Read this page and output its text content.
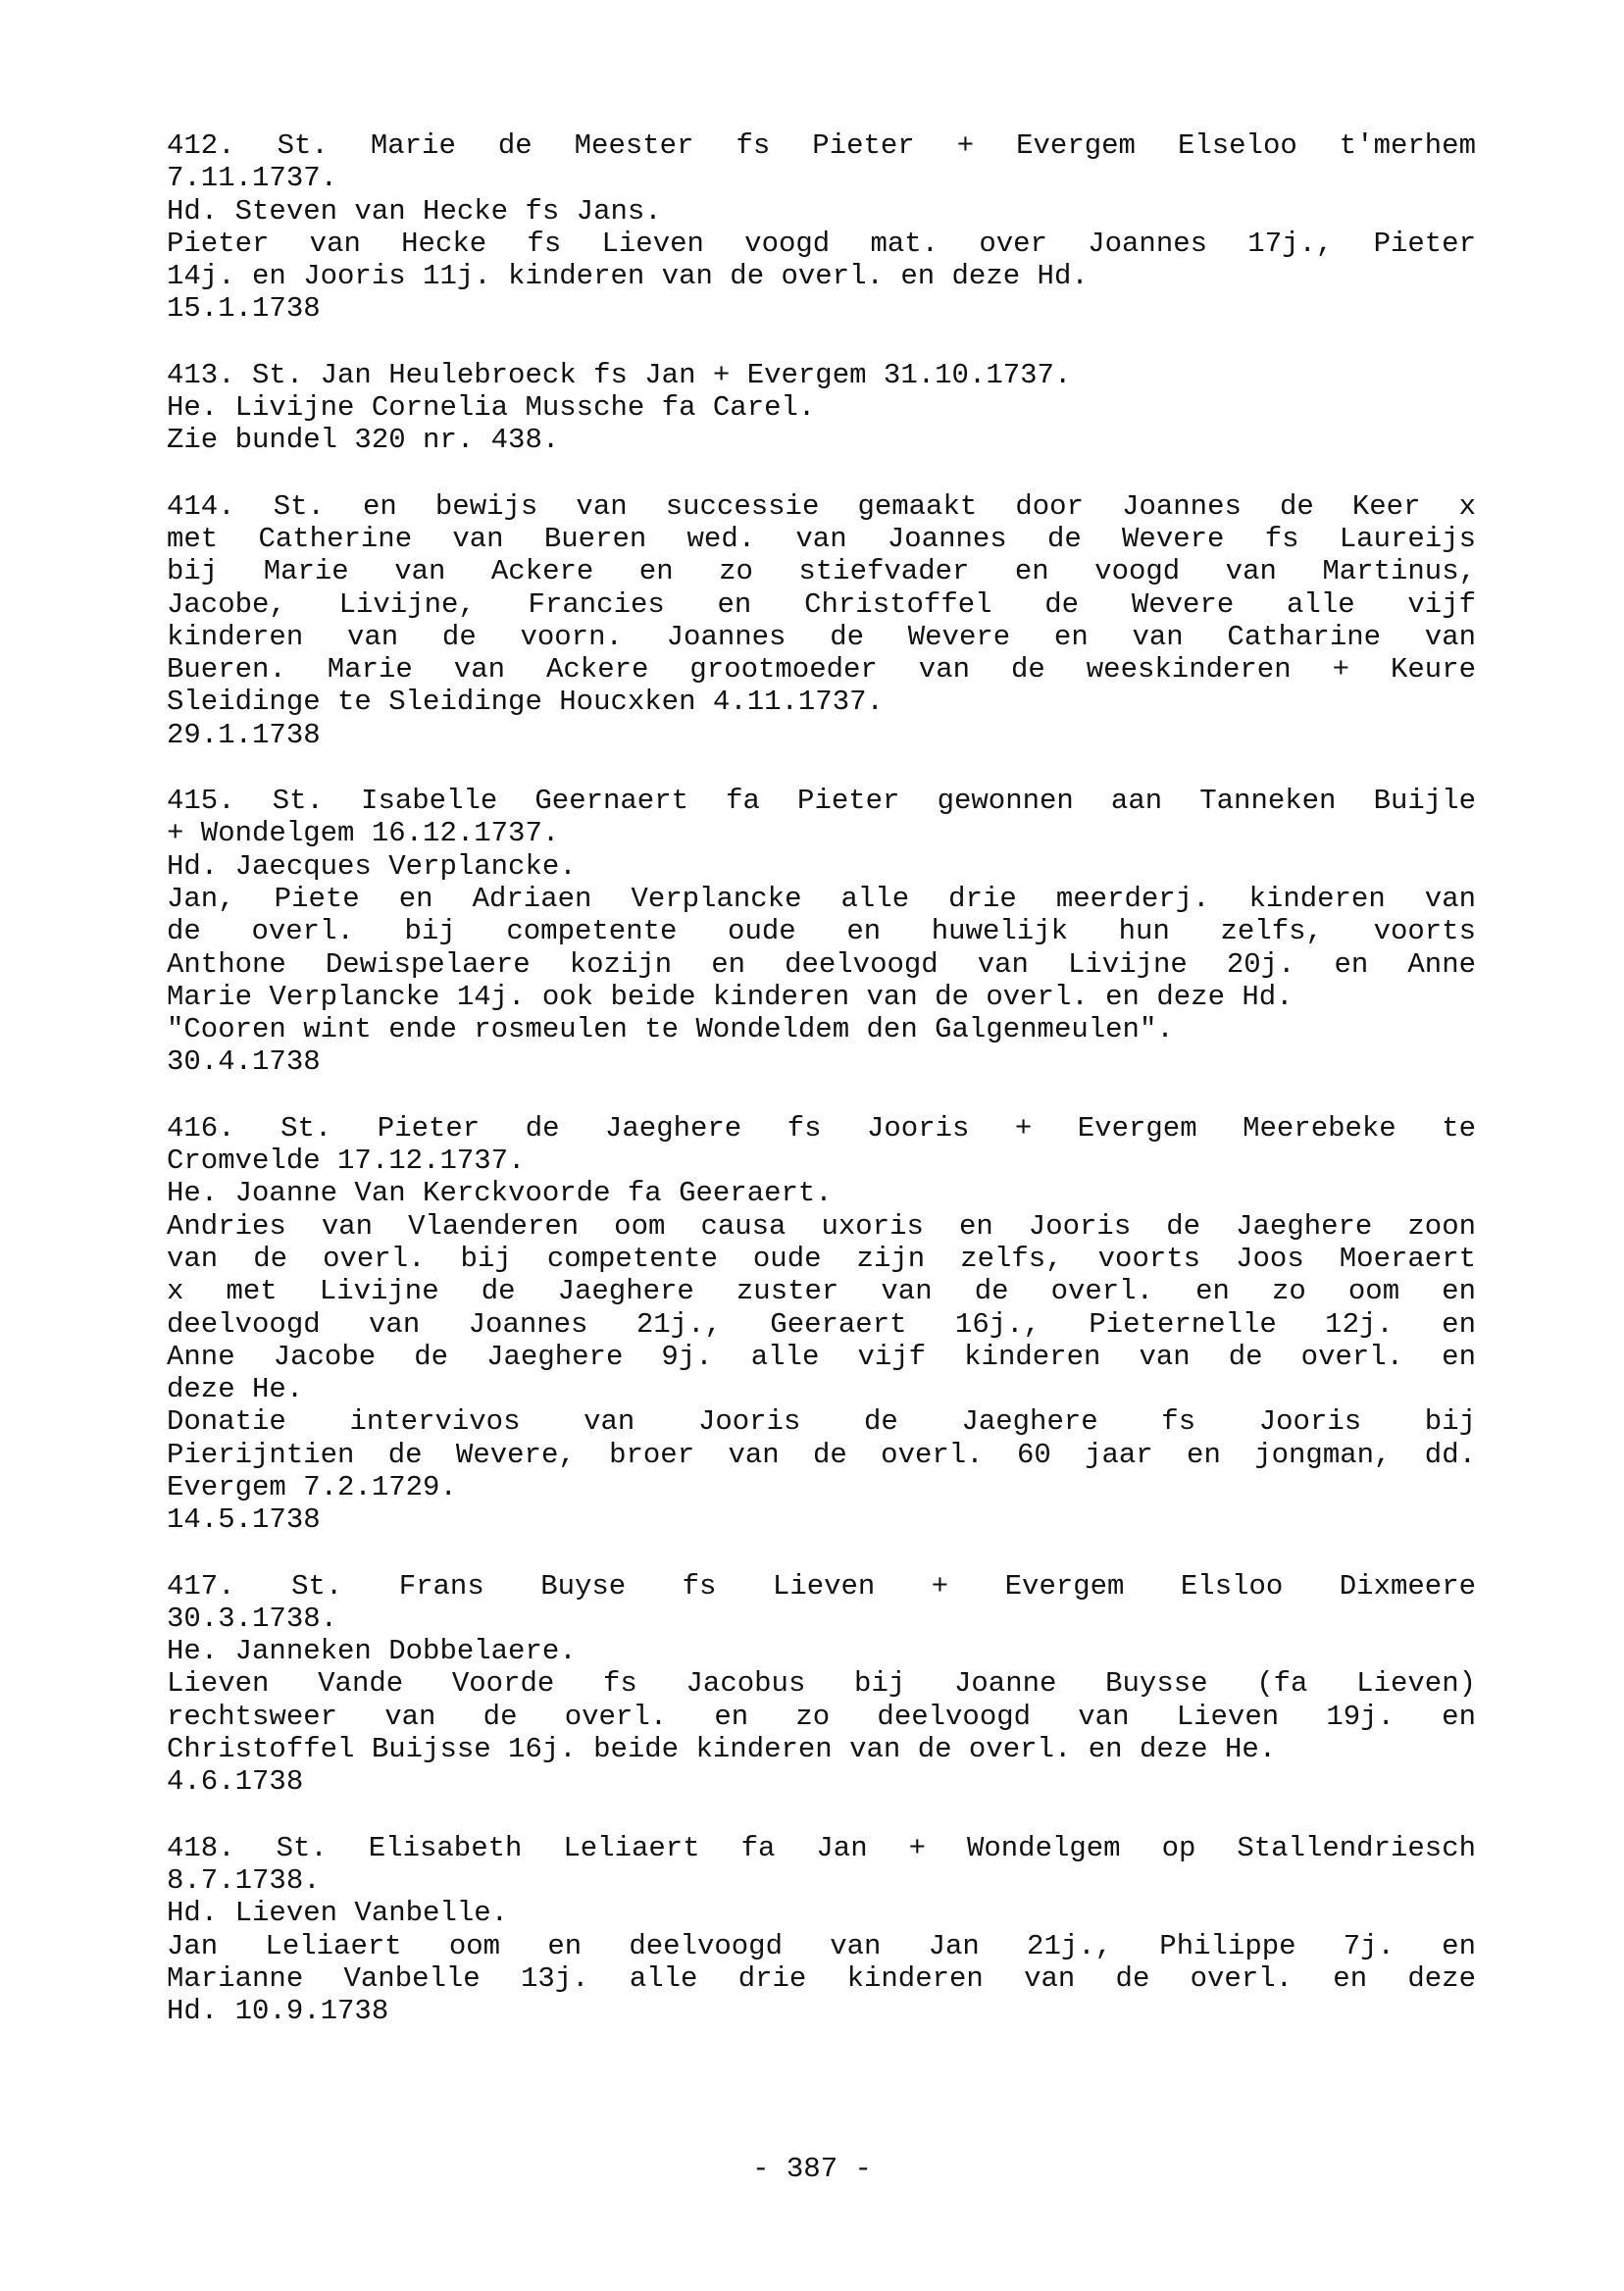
412. St. Marie de Meester fs Pieter + Evergem Elseloo t'merhem
7.11.1737.
Hd. Steven van Hecke fs Jans.
Pieter van Hecke fs Lieven voogd mat. over Joannes 17j., Pieter
14j. en Jooris 11j. kinderen van de overl. en deze Hd.
15.1.1738
413. St. Jan Heulebroeck fs Jan + Evergem 31.10.1737.
He. Livijne Cornelia Mussche fa Carel.
Zie bundel 320 nr. 438.
414. St. en bewijs van successie gemaakt door Joannes de Keer x
met Catherine van Bueren wed. van Joannes de Wevere fs Laureijs
bij Marie van Ackere en zo stiefvader en voogd van Martinus,
Jacobe, Livijne, Francies en Christoffel de Wevere alle vijf
kinderen van de voorn. Joannes de Wevere en van Catharine van
Bueren. Marie van Ackere grootmoeder van de weeskinderen + Keure
Sleidinge te Sleidinge Houcxken 4.11.1737.
29.1.1738
415. St. Isabelle Geernaert fa Pieter gewonnen aan Tanneken Buijle
+ Wondelgem 16.12.1737.
Hd. Jaecques Verplancke.
Jan, Piete en Adriaen Verplancke alle drie meerderj. kinderen van
de overl. bij competente oude en huwelijk hun zelfs, voorts
Anthone Dewispelaere kozijn en deelvoogd van Livijne 20j. en Anne
Marie Verplancke 14j. ook beide kinderen van de overl. en deze Hd.
"Cooren wint ende rosmeulen te Wondeldem den Galgenmeulen".
30.4.1738
416. St. Pieter de Jaeghere fs Jooris + Evergem Meerebeke te
Cromvelde 17.12.1737.
He. Joanne Van Kerckvoorde fa Geeraert.
Andries van Vlaenderen oom causa uxoris en Jooris de Jaeghere zoon
van de overl. bij competente oude zijn zelfs, voorts Joos Moeraert
x met Livijne de Jaeghere zuster van de overl. en zo oom en
deelvoogd van Joannes 21j., Geeraert 16j., Pieternelle 12j. en
Anne Jacobe de Jaeghere 9j. alle vijf kinderen van de overl. en
deze He.
Donatie intervivos van Jooris de Jaeghere fs Jooris bij
Pierijntien de Wevere, broer van de overl. 60 jaar en jongman, dd.
Evergem 7.2.1729.
14.5.1738
417. St. Frans Buyse fs Lieven + Evergem Elsloo Dixmeere
30.3.1738.
He. Janneken Dobbelaere.
Lieven Vande Voorde fs Jacobus bij Joanne Buysse (fa Lieven)
rechtsweer van de overl. en zo deelvoogd van Lieven 19j. en
Christoffel Buijsse 16j. beide kinderen van de overl. en deze He.
4.6.1738
418. St. Elisabeth Leliaert fa Jan + Wondelgem op Stallendriesch
8.7.1738.
Hd. Lieven Vanbelle.
Jan Leliaert oom en deelvoogd van Jan 21j., Philippe 7j. en
Marianne Vanbelle 13j. alle drie kinderen van de overl. en deze
Hd. 10.9.1738
- 387 -
